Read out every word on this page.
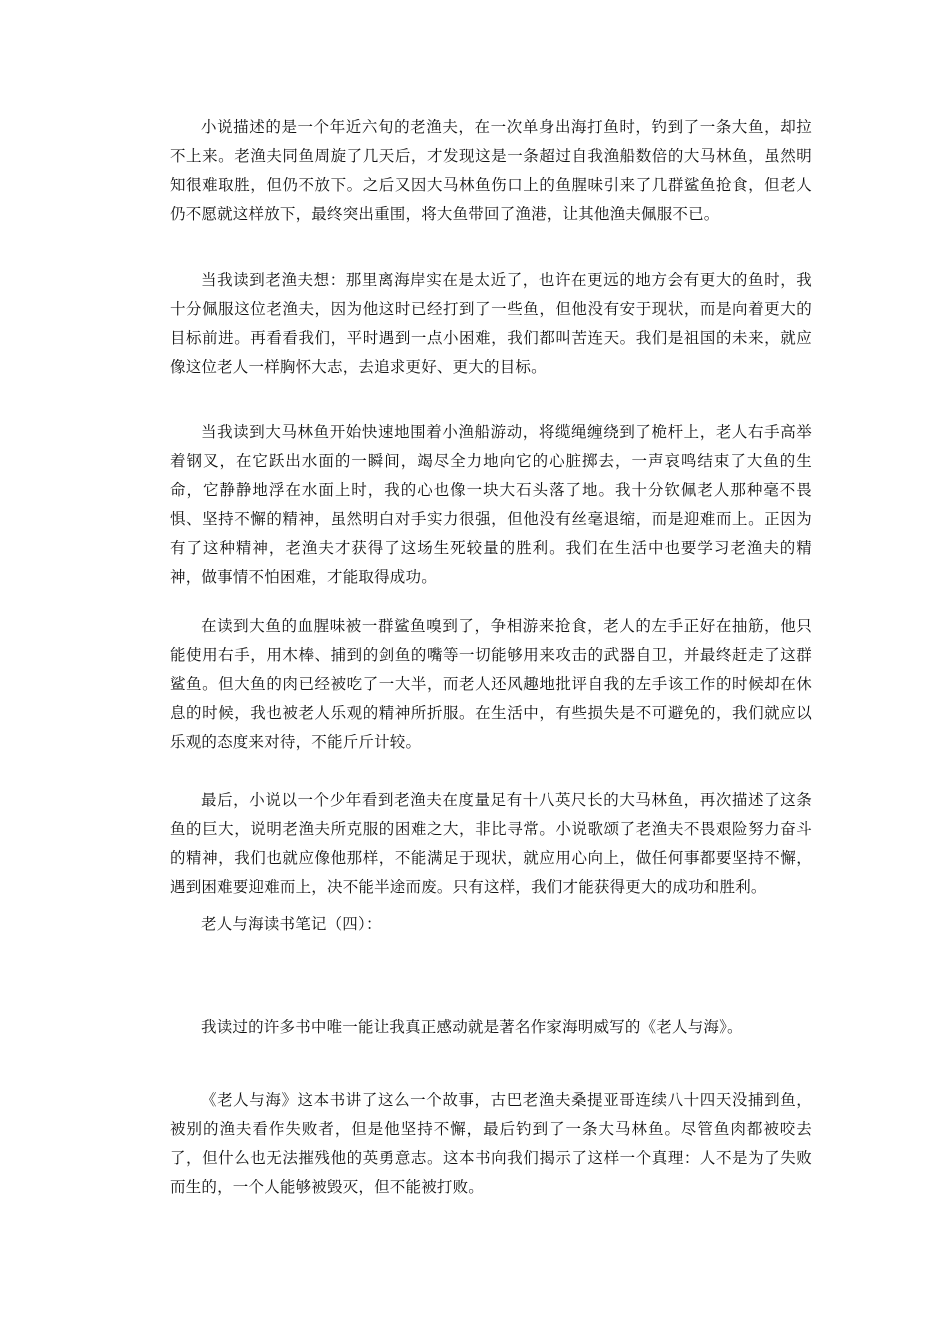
小说描述的是一个年近六旬的老渔夫，在一次单身出海打鱼时，钓到了一条大鱼，却拉不上来。老渔夫同鱼周旋了几天后，才发现这是一条超过自我渔船数倍的大马林鱼，虽然明知很难取胜，但仍不放下。之后又因大马林鱼伤口上的鱼腥味引来了几群鲨鱼抢食，但老人仍不愿就这样放下，最终突出重围，将大鱼带回了渔港，让其他渔夫佩服不已。

当我读到老渔夫想：那里离海岸实在是太近了，也许在更远的地方会有更大的鱼时，我十分佩服这位老渔夫，因为他这时已经打到了一些鱼，但他没有安于现状，而是向着更大的目标前进。再看看我们，平时遇到一点小困难，我们都叫苦连天。我们是祖国的未来，就应像这位老人一样胸怀大志，去追求更好、更大的目标。

当我读到大马林鱼开始快速地围着小渔船游动，将缆绳缠绕到了桅杆上，老人右手高举着钢叉，在它跃出水面的一瞬间，竭尽全力地向它的心脏掷去，一声哀鸣结束了大鱼的生命，它静静地浮在水面上时，我的心也像一块大石头落了地。我十分钦佩老人那种毫不畏惧、坚持不懈的精神，虽然明白对手实力很强，但他没有丝毫退缩，而是迎难而上。正因为有了这种精神，老渔夫才获得了这场生死较量的胜利。我们在生活中也要学习老渔夫的精神，做事情不怕困难，才能取得成功。

在读到大鱼的血腥味被一群鲨鱼嗅到了，争相游来抢食，老人的左手正好在抽筋，他只能使用右手，用木棒、捕到的剑鱼的嘴等一切能够用来攻击的武器自卫，并最终赶走了这群鲨鱼。但大鱼的肉已经被吃了一大半，而老人还风趣地批评自我的左手该工作的时候却在休息的时候，我也被老人乐观的精神所折服。在生活中，有些损失是不可避免的，我们就应以乐观的态度来对待，不能斤斤计较。

最后，小说以一个少年看到老渔夫在度量足有十八英尺长的大马林鱼，再次描述了这条鱼的巨大，说明老渔夫所克服的困难之大，非比寻常。小说歌颂了老渔夫不畏艰险努力奋斗的精神，我们也就应像他那样，不能满足于现状，就应用心向上，做任何事都要坚持不懈，遇到困难要迎难而上，决不能半途而废。只有这样，我们才能获得更大的成功和胜利。

老人与海读书笔记（四）：

我读过的许多书中唯一能让我真正感动就是著名作家海明威写的《老人与海》。

《老人与海》这本书讲了这么一个故事，古巴老渔夫桑提亚哥连续八十四天没捕到鱼，被别的渔夫看作失败者，但是他坚持不懈，最后钓到了一条大马林鱼。尽管鱼肉都被咬去了，但什么也无法摧残他的英勇意志。这本书向我们揭示了这样一个真理：人不是为了失败而生的，一个人能够被毁灭，但不能被打败。
